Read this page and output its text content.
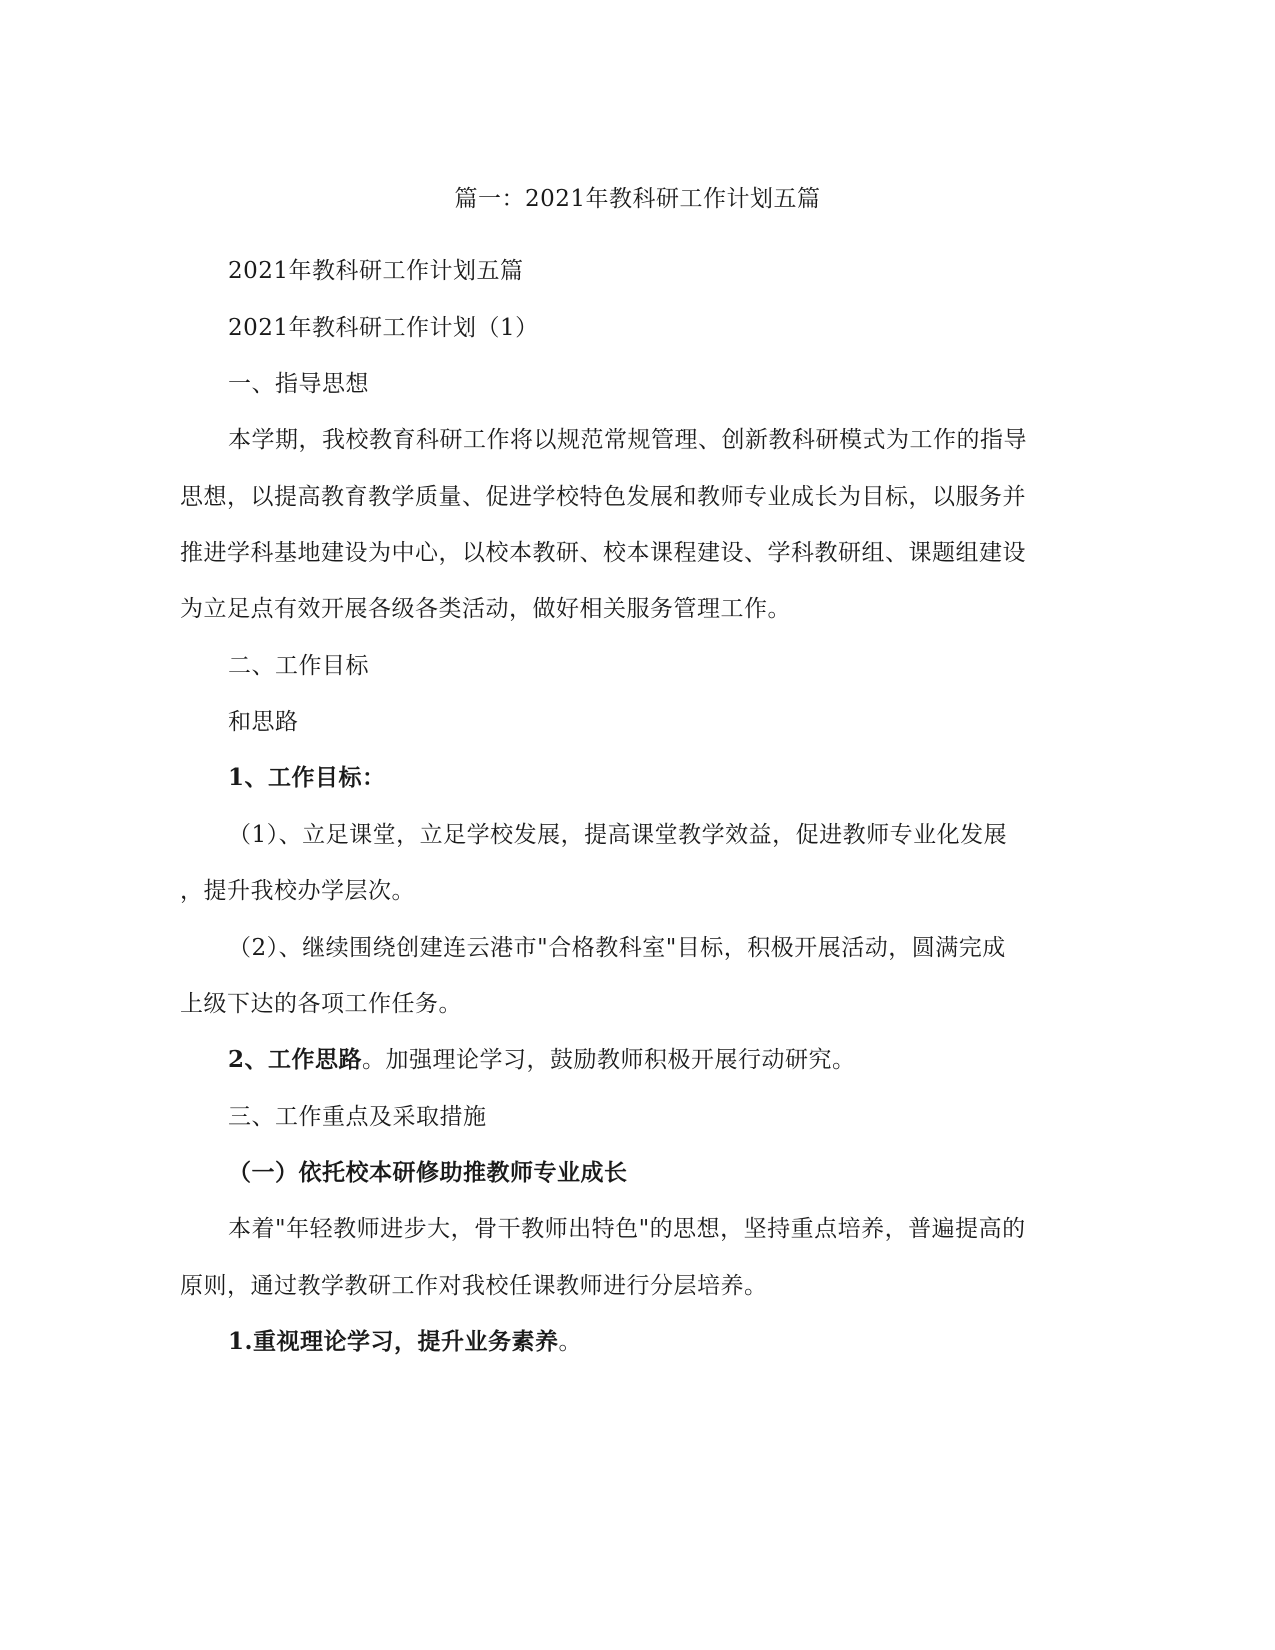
篇一：2021年教科研工作计划五篇
2021年教科研工作计划五篇
2021年教科研工作计划（1）
一、指导思想
本学期，我校教育科研工作将以规范常规管理、创新教科研模式为工作的指导
思想，以提高教育教学质量、促进学校特色发展和教师专业成长为目标，以服务并
推进学科基地建设为中心，以校本教研、校本课程建设、学科教研组、课题组建设
为立足点有效开展各级各类活动，做好相关服务管理工作。
二、工作目标
和思路
1、工作目标：
（1）、立足课堂，立足学校发展，提高课堂教学效益，促进教师专业化发展
，提升我校办学层次。
（2）、继续围绕创建连云港市"合格教科室"目标，积极开展活动，圆满完成
上级下达的各项工作任务。
2、工作思路。加强理论学习，鼓励教师积极开展行动研究。
三、工作重点及采取措施
（一）依托校本研修助推教师专业成长
本着"年轻教师进步大，骨干教师出特色"的思想，坚持重点培养，普遍提高的
原则，通过教学教研工作对我校任课教师进行分层培养。
1.重视理论学习，提升业务素养。
